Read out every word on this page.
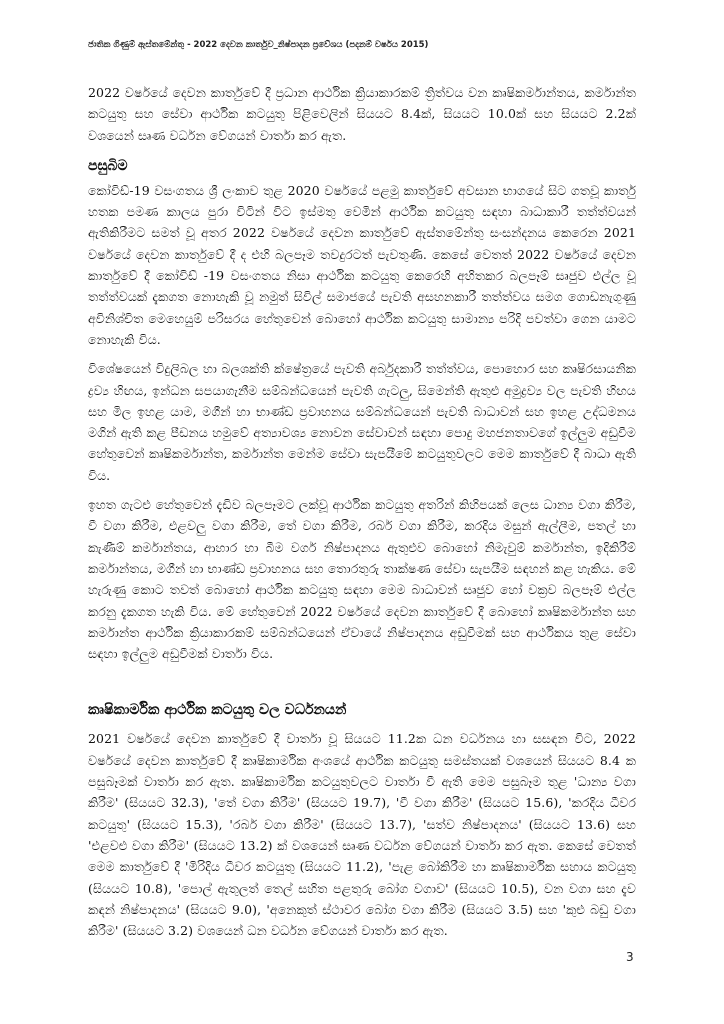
ජාතික ගිණුම් ඇස්තමේන්තු - 2022 දෙවන කාර්තුව_නිෂ්පාදන ප්‍රවේශය (පදනම් වර්ෂය 2015)

2022 වර්ෂයේ දෙවන කාර්තුවේ දී ප්‍රධාන ආර්ථික ක්‍රියාකාරකම් ත්‍රිත්වය වන කෘෂිකර්මාන්තය, කර්මාන්ත කටයුතු සහ සේවා ආර්ථික කටයුතු පිළිවෙලින් සියයට 8.4ක්, සියයට 10.0ක් සහ සියයට 2.2ක් වශයෙන් සෘණ වර්ධන වේගයන් වාර්තා කර ඇත.

පසුබිම

කෝවිඩ්-19 වසංගතය ශ්‍රී ලංකාව තුළ 2020 වර්ෂයේ පළමු කාර්තුවේ අවසාන භාගයේ සිට ගතවූ කාර්තු හතක පමණ කාලය පුරා විටින් විට ඉස්මතු වෙමින් ආර්ථික කටයුතු සඳහා බාධාකාරී තත්ත්වයන් ඇතිකිරීමට සමත් වූ අතර 2022 වර්ෂයේ දෙවන කාර්තුවේ ඇස්තමේන්තු සංසන්දනය කෙරෙන 2021 වර්ෂයේ දෙවන කාර්තුවේ දී ද එහි බලපෑම තවදුරටත් පැවතුණි. කෙසේ වෙතත් 2022 වර්ෂයේ දෙවන කාර්තුවේ දී කෝවිඩ් -19 වසංගතය නිසා ආර්ථික කටයුතු කෙරෙහි අහිතකර බලපෑම් සෘජුව එල්ල වූ තත්ත්වයක් දැකගත නොහැකි වූ නමුත් සිවිල් සමාජයේ පැවති අසහනකාරී තත්ත්වය සමග ගොඩනැගුණු අවිනිශ්චිත මෙහෙයුම් පරිසරය හේතුවෙන් බොහෝ ආර්ථික කටයුතු සාමාන්‍ය පරිදි පවත්වා ගෙන යාමට නොහැකි විය.

විශේෂයෙන් විදුලිබල හා බලශක්ති ක්ෂේත්‍රයේ පැවති අර්බුදකාරී තත්ත්වය, පොහොර සහ කෘෂිරසායනික ද්‍රව්‍ය හිඟය, ඉන්ධන සපයාගැනීම සම්බන්ධයෙන් පැවති ගැටලු, සිමෙන්ති ඇතුළු අමුද්‍රව්‍ය වල පැවති හිඟය සහ මිල ඉහළ යාම, මගීන් හා භාණ්ඩ ප්‍රවාහනය සම්බන්ධයෙන් පැවති බාධාවන් සහ ඉහළ උද්ධමනය මගින් ඇති කළ පීඩනය හමුවේ අත්‍යාවශ්‍ය නොවන සේවාවන් සඳහා පොදු මහජනතාවගේ ඉල්ලුම අඩුවීම හේතුවෙන් කෘෂිකර්මාන්ත, කර්මාන්ත මෙන්ම සේවා සැපයීමේ කටයුතුවලට මෙම කාර්තුවේ දී බාධා ඇති විය.

ඉහත ගැටළු හේතුවෙන් දැඩිව බලපෑමට ලක්වූ ආර්ථික කටයුතු අතරින් කිහිපයක් ලෙස ධාන්‍ය වගා කිරීම, වී වගා කිරීම, එළවලු වගා කිරීම, තේ වගා කිරීම, රබර් වගා කිරීම, කරදිය මසුන් ඇල්ලීම, පතල් හා කැණීම් කර්මාන්තය, ආහාර හා බීම වර්ග නිෂ්පාදනය ඇතුළුව බොහෝ නිමැවුම් කර්මාන්ත, ඉදිකිරීම් කර්මාන්තය, මගීන් හා භාණ්ඩ ප්‍රවාහනය සහ තොරතුරු තාක්ෂණ සේවා සැපයීම සඳහන් කළ හැකිය. මේ හැරුණු කොට තවත් බොහෝ ආර්ථික කටයුතු සඳහා මෙම බාධාවන් සෘජුව හෝ වක්‍රව බලපෑම් එල්ල කරනු දැකගත හැකි විය. මේ හේතුවෙන් 2022 වර්ෂයේ දෙවන කාර්තුවේ දී බොහෝ කෘෂිකර්මාන්ත සහ කර්මාන්ත ආර්ථික ක්‍රියාකාරකම් සම්බන්ධයෙන් ඒවායේ නිෂ්පාදනය අඩුවීමක් සහ ආර්ථිකය තුළ සේවා සඳහා ඉල්ලුම අඩුවීමක් වාර්තා විය.

කෘෂිකාර්මික ආර්ථික කටයුතු වල වර්ධනයන්

2021 වර්ෂයේ දෙවන කාර්තුවේ දී වාර්තා වූ සියයට 11.2ක ධන වර්ධනය හා සසඳන විට, 2022 වර්ෂයේ දෙවන කාර්තුවේ දී කෘෂිකාර්මික අංශයේ ආර්ථික කටයුතු සමස්තයක් වශයෙන් සියයට 8.4 ක පසුබෑමක් වාර්තා කර ඇත. කෘෂිකාර්මික කටයුතුවලට වාර්තා වී ඇති මෙම පසුබෑම තුළ 'ධාන්‍ය වගා කිරීම' (සියයට 32.3), 'තේ වගා කිරීම' (සියයට 19.7), 'වී වගා කිරීම' (සියයට 15.6), 'කරදිය ධීවර කටයුතු' (සියයට 15.3), 'රබර් වගා කිරීම' (සියයට 13.7), 'සත්ව නිෂ්පාදනය' (සියයට 13.6) සහ 'එළවළු වගා කිරීම' (සියයට 13.2) ක් වශයෙන් සෘණ වර්ධන වේගයන් වාර්තා කර ඇත. කෙසේ වෙතත් මෙම කාර්තුවේ දී 'මිරිදිය ධීවර කටයුතු (සියයට 11.2), 'පැළ බෝකිරීම හා කෘෂිකාර්මික සහාය කටයුතු (සියයට 10.8), 'පොල් ඇතුලත් තෙල් සහිත පළතුරු බෝග වගාව' (සියයට 10.5), වන වගා සහ දැව කඳන් නිෂ්පාදනය' (සියයට 9.0), 'අනෙකුත් ස්ථාවර බෝග වගා කිරීම (සියයට 3.5) සහ 'කුළු බඩු වගා කිරීම' (සියයට 3.2) වශයෙන් ධන වර්ධන වේගයන් වාර්තා කර ඇත.

3
